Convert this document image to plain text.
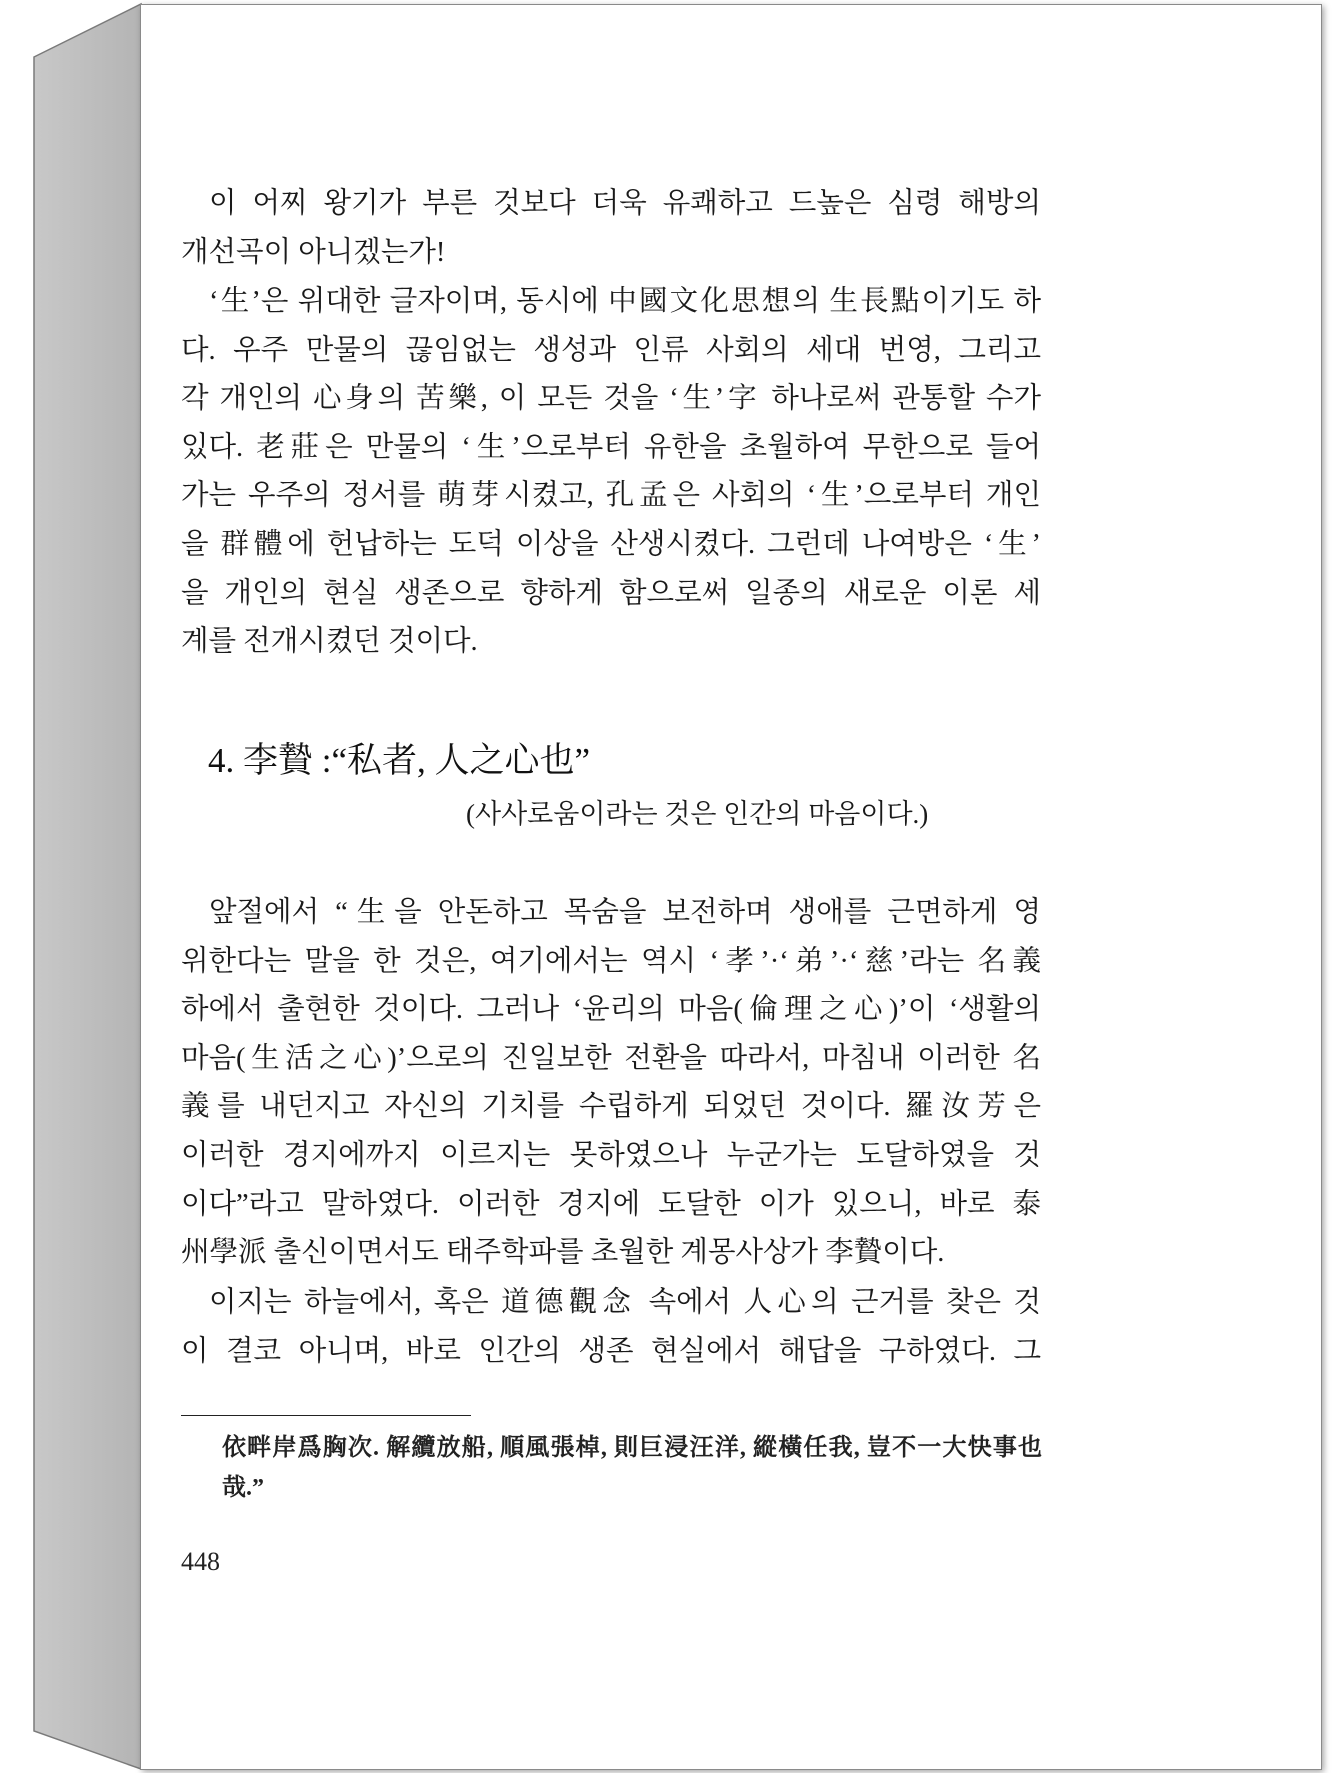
이 어찌 왕기가 부른 것보다 더욱 유쾌하고 드높은 심령 해방의
개선곡이 아니겠는가!
‘生’은 위대한 글자이며, 동시에 中國文化思想의 生長點이기도 하
다. 우주 만물의 끊임없는 생성과 인류 사회의 세대 번영, 그리고
각 개인의 心身의 苦樂, 이 모든 것을 ‘生’字 하나로써 관통할 수가
있다. 老莊은 만물의 ‘生’으로부터 유한을 초월하여 무한으로 들어
가는 우주의 정서를 萌芽시켰고, 孔孟은 사회의 ‘生’으로부터 개인
을 群體에 헌납하는 도덕 이상을 산생시켰다. 그런데 나여방은 ‘生’
을 개인의 현실 생존으로 향하게 함으로써 일종의 새로운 이론 세
계를 전개시켰던 것이다.
4. 李贄 :“私者, 人之心也”
(사사로움이라는 것은 인간의 마음이다.)
앞절에서 “生을 안돈하고 목숨을 보전하며 생애를 근면하게 영
위한다는 말을 한 것은, 여기에서는 역시 ‘孝’·‘弟’·‘慈’라는 名義
하에서 출현한 것이다. 그러나 ‘윤리의 마음(倫理之心)’이 ‘생활의
마음(生活之心)’으로의 진일보한 전환을 따라서, 마침내 이러한 名
義를 내던지고 자신의 기치를 수립하게 되었던 것이다. 羅汝芳은
이러한 경지에까지 이르지는 못하였으나 누군가는 도달하였을 것
이다”라고 말하였다. 이러한 경지에 도달한 이가 있으니, 바로 泰
州學派 출신이면서도 태주학파를 초월한 계몽사상가 李贄이다.
이지는 하늘에서, 혹은 道德觀念 속에서 人心의 근거를 찾은 것
이 결코 아니며, 바로 인간의 생존 현실에서 해답을 구하였다. 그
依畔岸爲胸次. 解纜放船, 順風張棹, 則巨浸汪洋, 縱橫任我, 豈不一大快事也
哉.”
448
